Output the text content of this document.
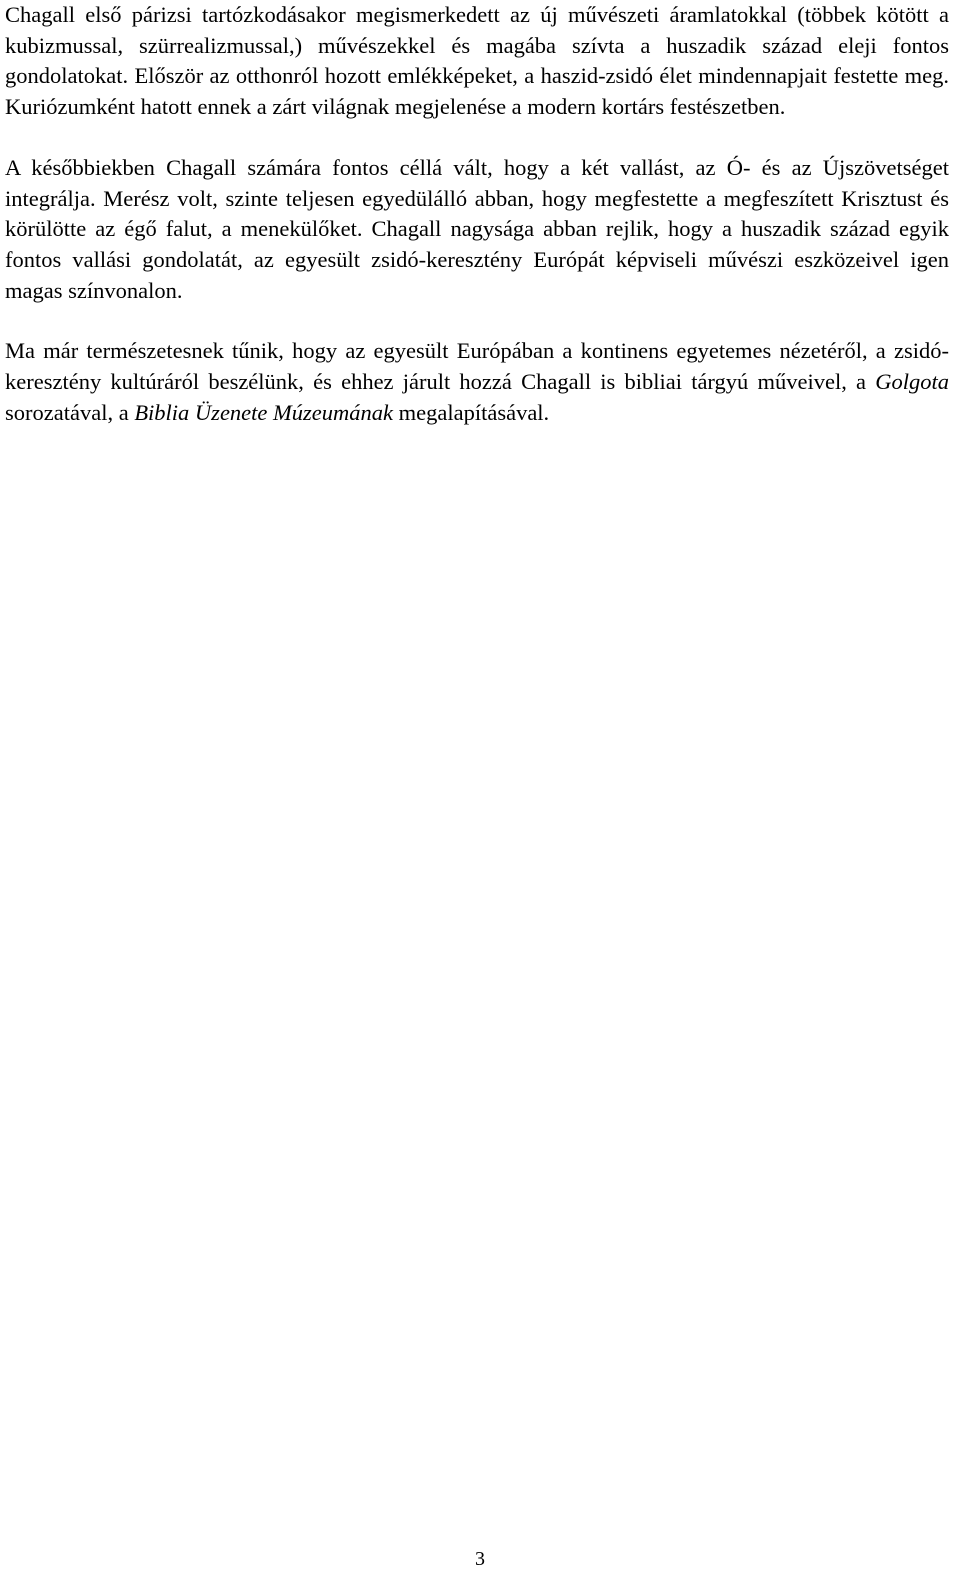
Chagall első párizsi tartózkodásakor megismerkedett az új művészeti áramlatokkal (többek kötött a kubizmussal, szürrealizmussal,) művészekkel és magába szívta a huszadik század eleji fontos gondolatokat. Először az otthonról hozott emlékképeket, a haszid-zsidó élet mindennapjait festette meg. Kuriózumként hatott ennek a zárt világnak megjelenése a modern kortárs festészetben.

A későbbiekben Chagall számára fontos céllá vált, hogy a két vallást, az Ó- és az Újszövetséget integrálja. Merész volt, szinte teljesen egyedülálló abban, hogy megfestette a megfeszített Krisztust és körülötte az égő falut, a menekülőket. Chagall nagysága abban rejlik, hogy a huszadik század egyik fontos vallási gondolatát, az egyesült zsidó-keresztény Európát képviseli művészi eszközeivel igen magas színvonalon.

Ma már természetesnek tűnik, hogy az egyesült Európában a kontinens egyetemes nézetéről, a zsidó-keresztény kultúráról beszélünk, és ehhez járult hozzá Chagall is bibliai tárgyú műveivel, a Golgota sorozatával, a Biblia Üzenete Múzeumának megalapításával.

3
